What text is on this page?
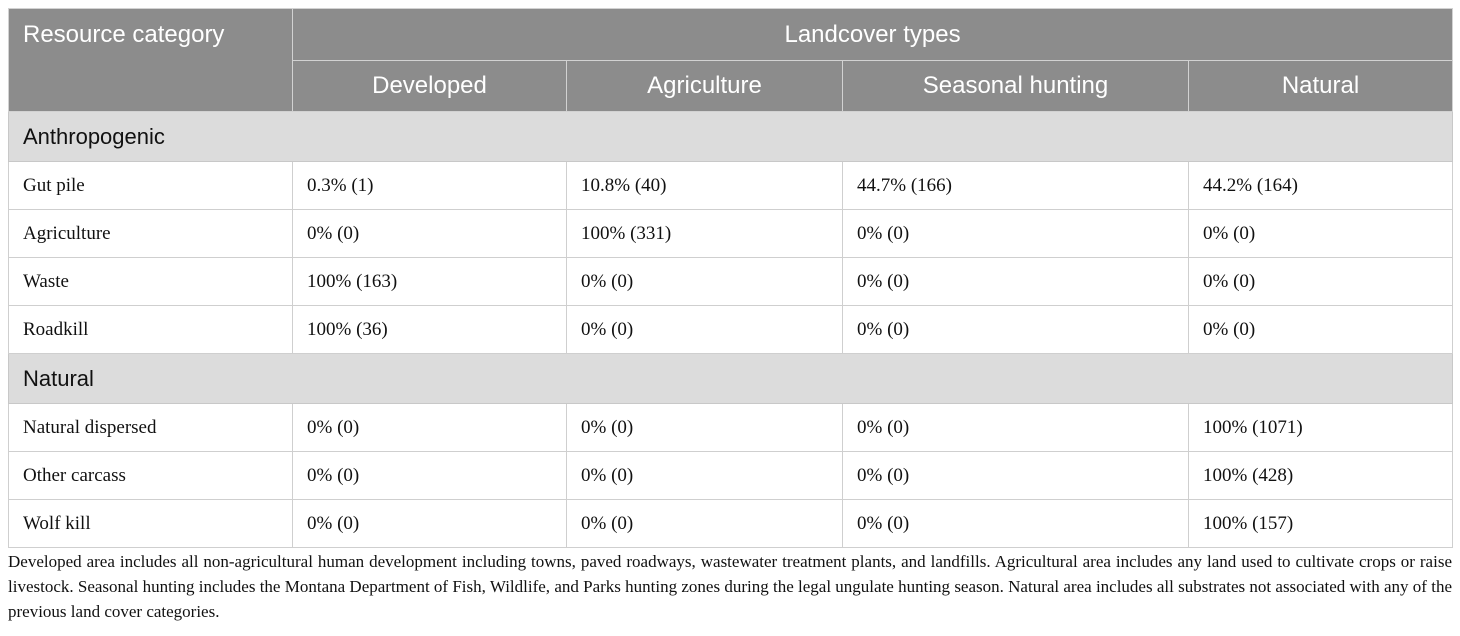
Resource category	Landcover types			
	Developed	Agriculture	Seasonal hunting	Natural
Anthropogenic				
Gut pile	0.3% (1)	10.8% (40)	44.7% (166)	44.2% (164)
Agriculture	0% (0)	100% (331)	0% (0)	0% (0)
Waste	100% (163)	0% (0)	0% (0)	0% (0)
Roadkill	100% (36)	0% (0)	0% (0)	0% (0)
Natural				
Natural dispersed	0% (0)	0% (0)	0% (0)	100% (1071)
Other carcass	0% (0)	0% (0)	0% (0)	100% (428)
Wolf kill	0% (0)	0% (0)	0% (0)	100% (157)
Developed area includes all non-agricultural human development including towns, paved roadways, wastewater treatment plants, and landfills. Agricultural area includes any land used to cultivate crops or raise livestock. Seasonal hunting includes the Montana Department of Fish, Wildlife, and Parks hunting zones during the legal ungulate hunting season. Natural area includes all substrates not associated with any of the previous land cover categories.
